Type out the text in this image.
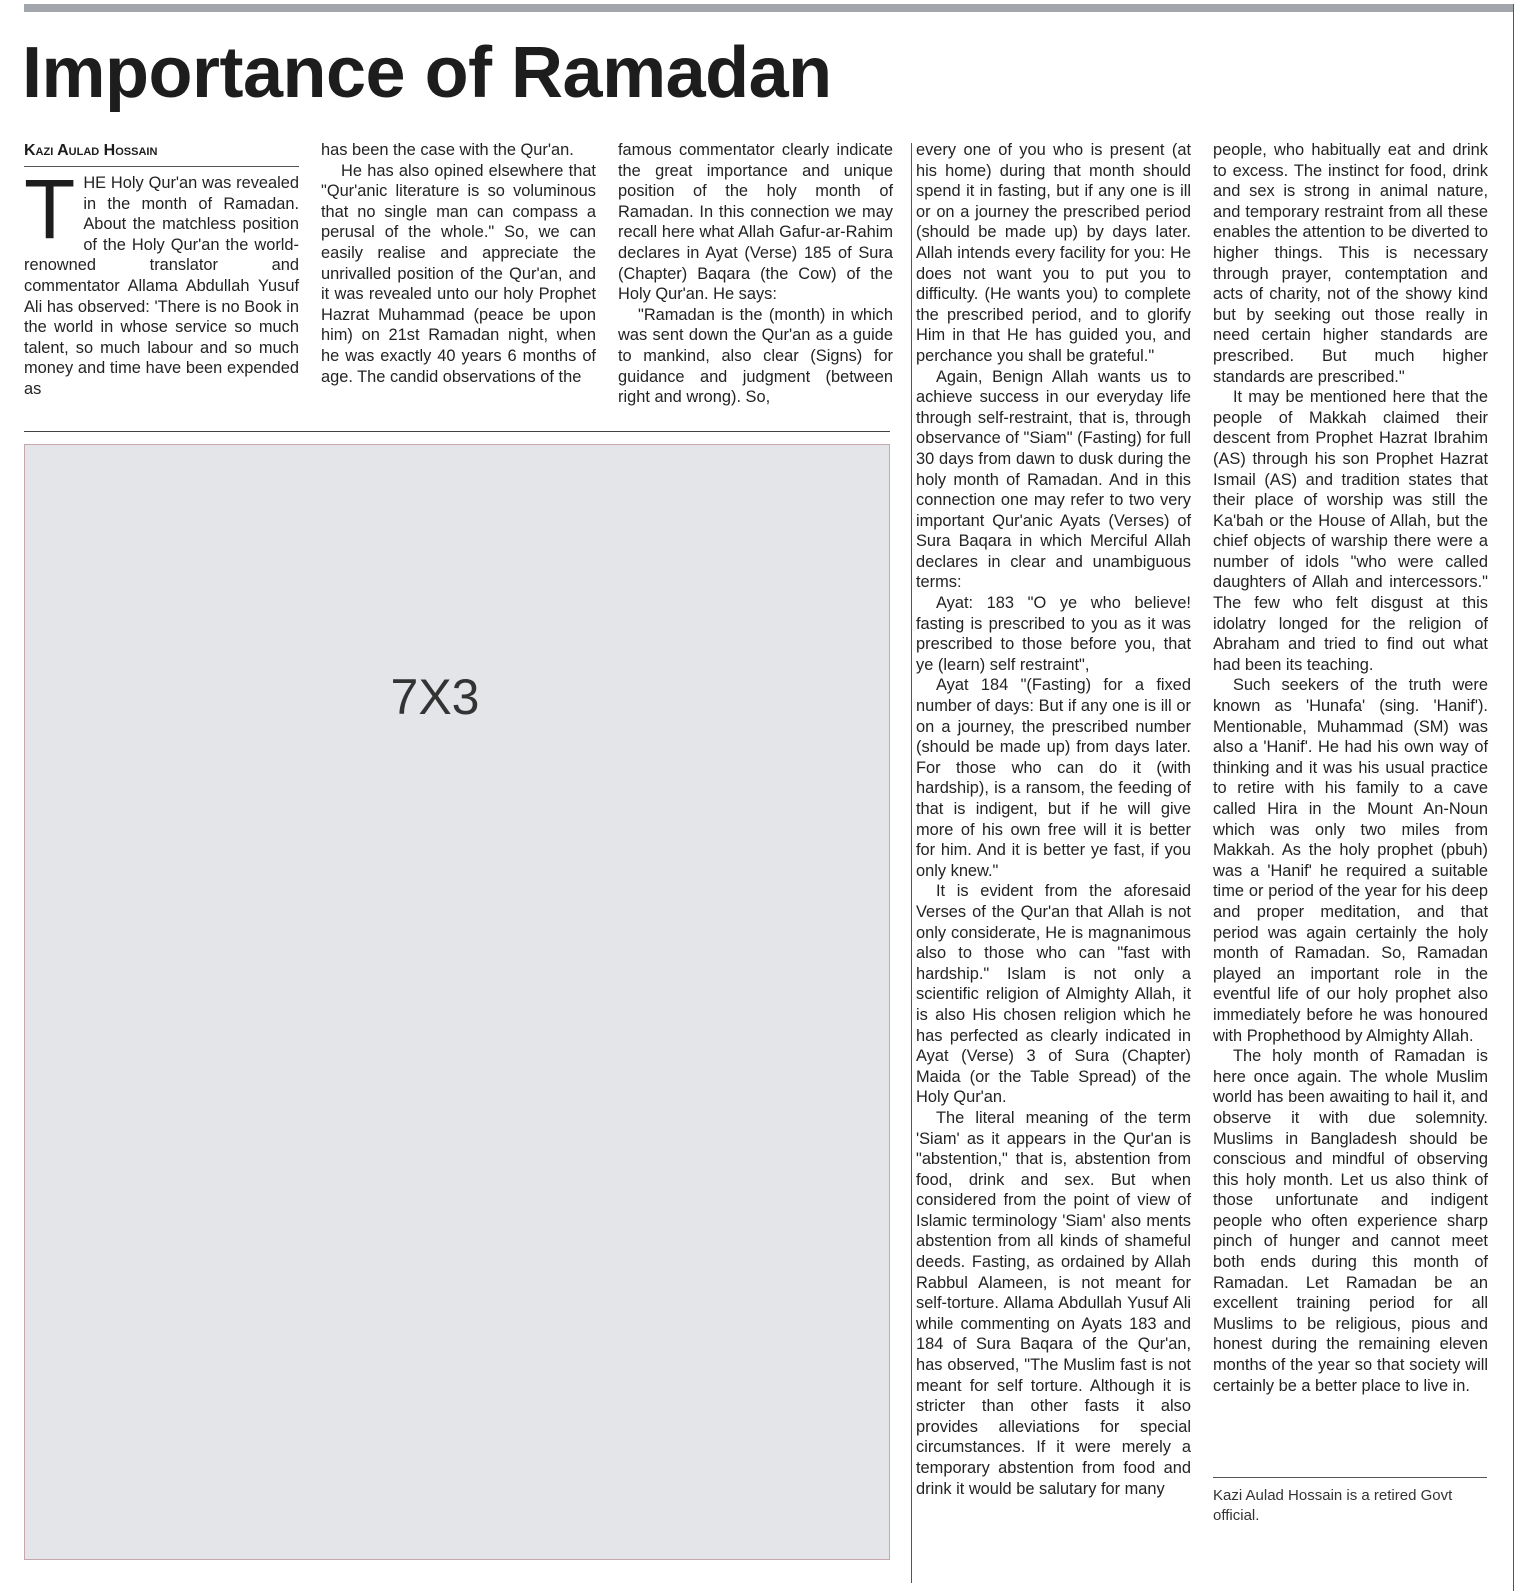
Importance of Ramadan
Kazi Aulad Hossain
T HE Holy Qur'an was revealed in the month of Ramadan. About the matchless position of the Holy Qur'an the world-renowned translator and commentator Allama Abdullah Yusuf Ali has observed: 'There is no Book in the world in whose service so much talent, so much labour and so much money and time have been expended as

has been the case with the Qur'an.

He has also opined elsewhere that "Qur'anic literature is so voluminous that no single man can compass a perusal of the whole." So, we can easily realise and appreciate the unrivalled position of the Qur'an, and it was revealed unto our holy Prophet Hazrat Muhammad (peace be upon him) on 21st Ramadan night, when he was exactly 40 years 6 months of age. The candid observations of the

famous commentator clearly indicate the great importance and unique position of the holy month of Ramadan. In this connection we may recall here what Allah Gafur-ar-Rahim declares in Ayat (Verse) 185 of Sura (Chapter) Baqara (the Cow) of the Holy Qur'an. He says:

"Ramadan is the (month) in which was sent down the Qur'an as a guide to mankind, also clear (Signs) for guidance and judgment (between right and wrong). So,

7X3

every one of you who is present (at his home) during that month should spend it in fasting, but if any one is ill or on a journey the prescribed period (should be made up) by days later. Allah intends every facility for you: He does not want you to put you to difficulty. (He wants you) to complete the prescribed period, and to glorify Him in that He has guided you, and perchance you shall be grateful."

Again, Benign Allah wants us to achieve success in our everyday life through self-restraint, that is, through observance of "Siam" (Fasting) for full 30 days from dawn to dusk during the holy month of Ramadan. And in this connection one may refer to two very important Qur'anic Ayats (Verses) of Sura Baqara in which Merciful Allah declares in clear and unambiguous terms:

Ayat: 183 "O ye who believe! fasting is prescribed to you as it was prescribed to those before you, that ye (learn) self restraint",

Ayat 184 "(Fasting) for a fixed number of days: But if any one is ill or on a journey, the prescribed number (should be made up) from days later. For those who can do it (with hardship), is a ransom, the feeding of that is indigent, but if he will give more of his own free will it is better for him. And it is better ye fast, if you only knew."

It is evident from the aforesaid Verses of the Qur'an that Allah is not only considerate, He is magnanimous also to those who can "fast with hardship." Islam is not only a scientific religion of Almighty Allah, it is also His chosen religion which he has perfected as clearly indicated in Ayat (Verse) 3 of Sura (Chapter) Maida (or the Table Spread) of the Holy Qur'an.

The literal meaning of the term 'Siam' as it appears in the Qur'an is "abstention," that is, abstention from food, drink and sex. But when considered from the point of view of Islamic terminology 'Siam' also ments abstention from all kinds of shameful deeds. Fasting, as ordained by Allah Rabbul Alameen, is not meant for self-torture. Allama Abdullah Yusuf Ali while commenting on Ayats 183 and 184 of Sura Baqara of the Qur'an, has observed, "The Muslim fast is not meant for self torture. Although it is stricter than other fasts it also provides alleviations for special circumstances. If it were merely a temporary abstention from food and drink it would be salutary for many

people, who habitually eat and drink to excess. The instinct for food, drink and sex is strong in animal nature, and temporary restraint from all these enables the attention to be diverted to higher things. This is necessary through prayer, contemptation and acts of charity, not of the showy kind but by seeking out those really in need certain higher standards are prescribed. But much higher standards are prescribed."

It may be mentioned here that the people of Makkah claimed their descent from Prophet Hazrat Ibrahim (AS) through his son Prophet Hazrat Ismail (AS) and tradition states that their place of worship was still the Ka'bah or the House of Allah, but the chief objects of warship there were a number of idols "who were called daughters of Allah and intercessors." The few who felt disgust at this idolatry longed for the religion of Abraham and tried to find out what had been its teaching.

Such seekers of the truth were known as 'Hunafa' (sing. 'Hanif'). Mentionable, Muhammad (SM) was also a 'Hanif'. He had his own way of thinking and it was his usual practice to retire with his family to a cave called Hira in the Mount An-Noun which was only two miles from Makkah. As the holy prophet (pbuh) was a 'Hanif' he required a suitable time or period of the year for his deep and proper meditation, and that period was again certainly the holy month of Ramadan. So, Ramadan played an important role in the eventful life of our holy prophet also immediately before he was honoured with Prophethood by Almighty Allah.

The holy month of Ramadan is here once again. The whole Muslim world has been awaiting to hail it, and observe it with due solemnity. Muslims in Bangladesh should be conscious and mindful of observing this holy month. Let us also think of those unfortunate and indigent people who often experience sharp pinch of hunger and cannot meet both ends during this month of Ramadan. Let Ramadan be an excellent training period for all Muslims to be religious, pious and honest during the remaining eleven months of the year so that society will certainly be a better place to live in.

Kazi Aulad Hossain is a retired Govt official.
